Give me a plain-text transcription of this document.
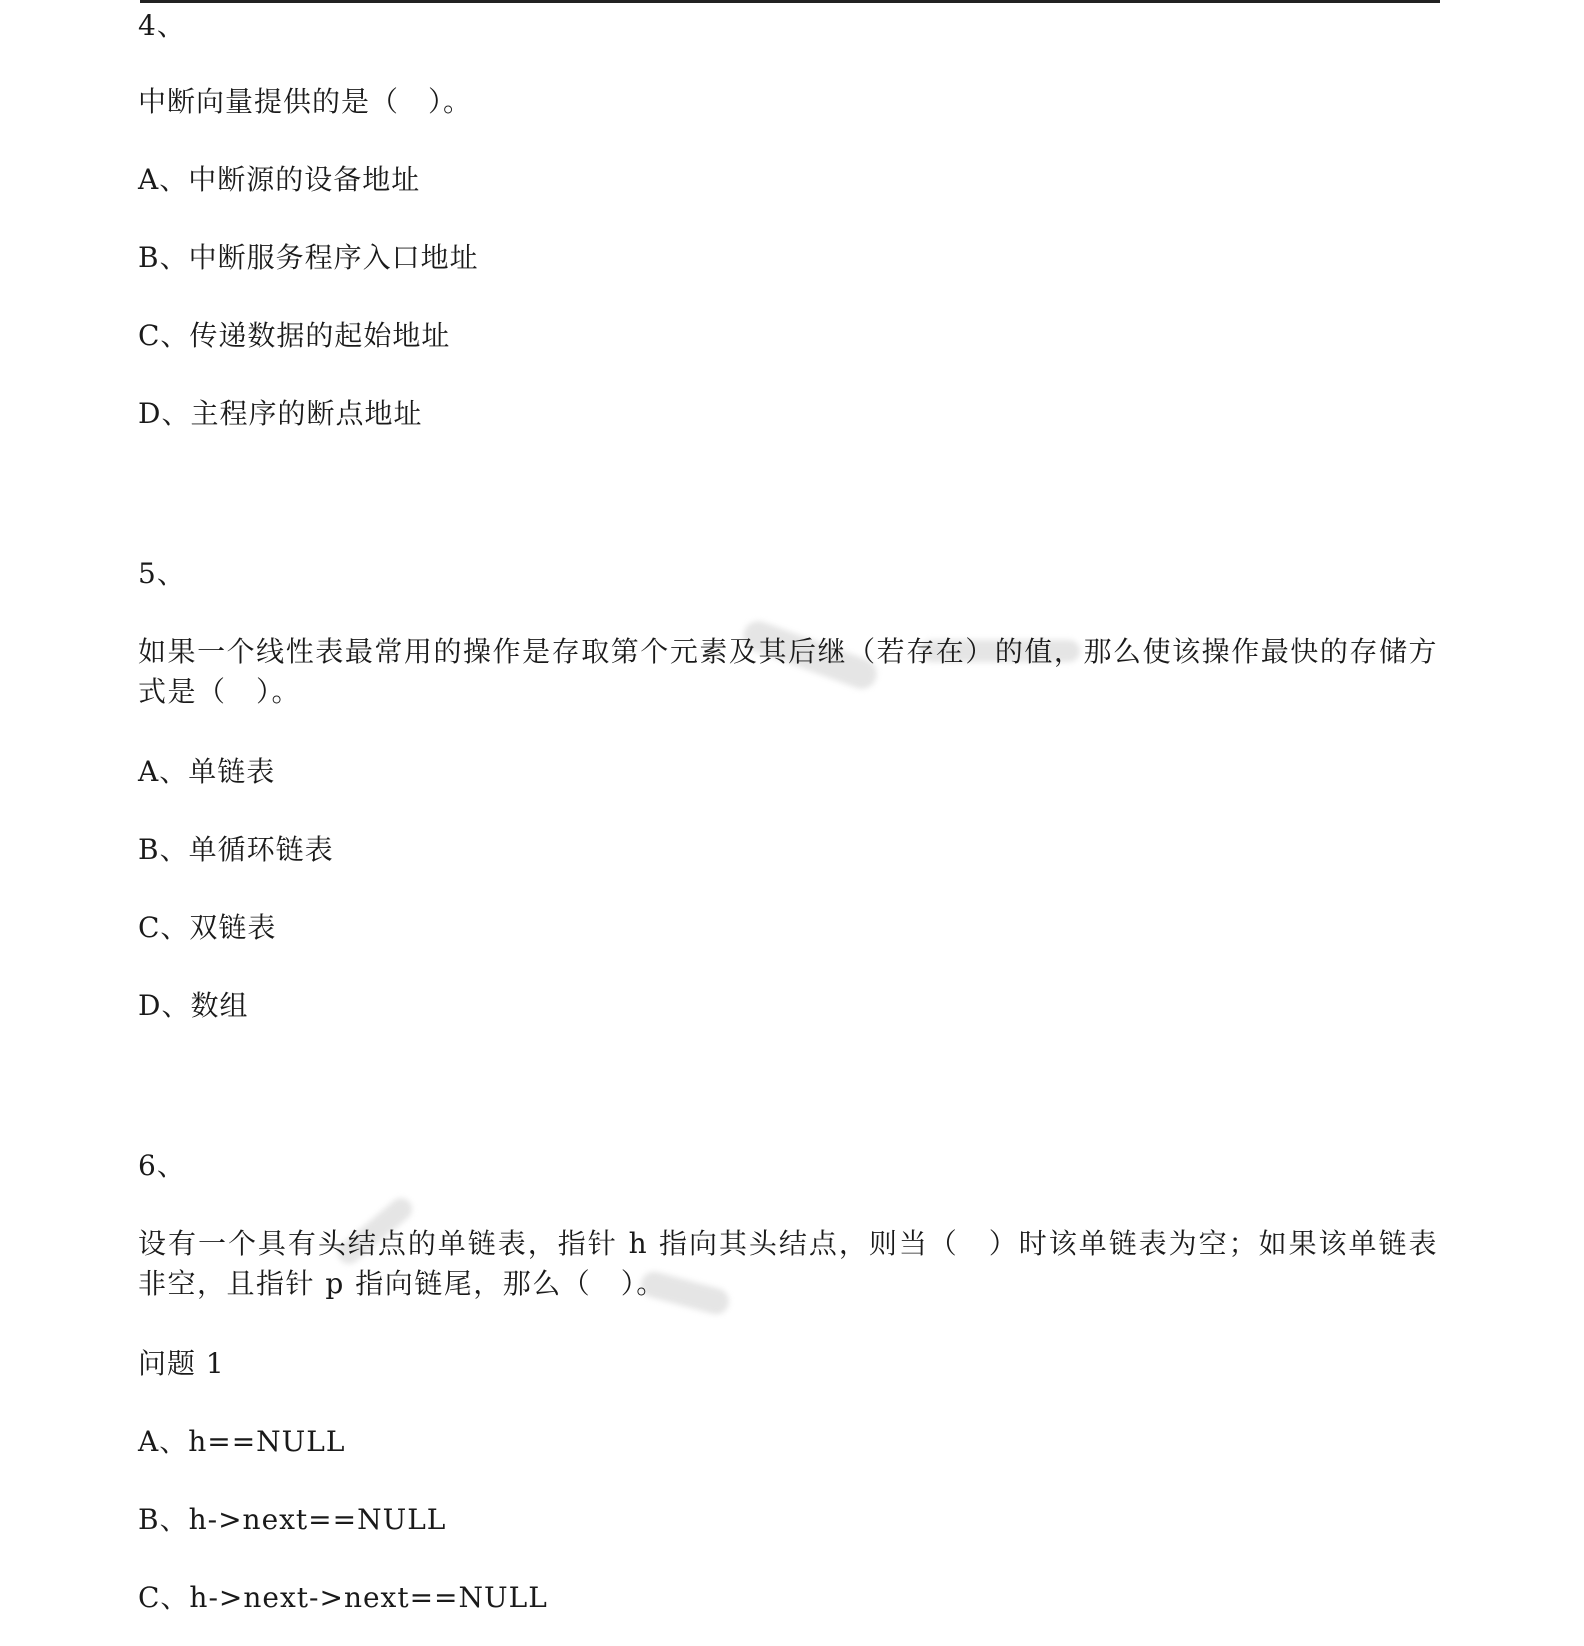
4、
中断向量提供的是（　）。
A、中断源的设备地址
B、中断服务程序入口地址
C、传递数据的起始地址
D、主程序的断点地址
5、
如果一个线性表最常用的操作是存取第个元素及其后继（若存在）的值，那么使该操作最快的存储方式是（　）。
A、单链表
B、单循环链表
C、双链表
D、数组
6、
设有一个具有头结点的单链表，指针 h 指向其头结点，则当（　）时该单链表为空；如果该单链表非空，且指针 p 指向链尾，那么（　）。
问题 1
A、h==NULL
B、h->next==NULL
C、h->next->next==NULL
